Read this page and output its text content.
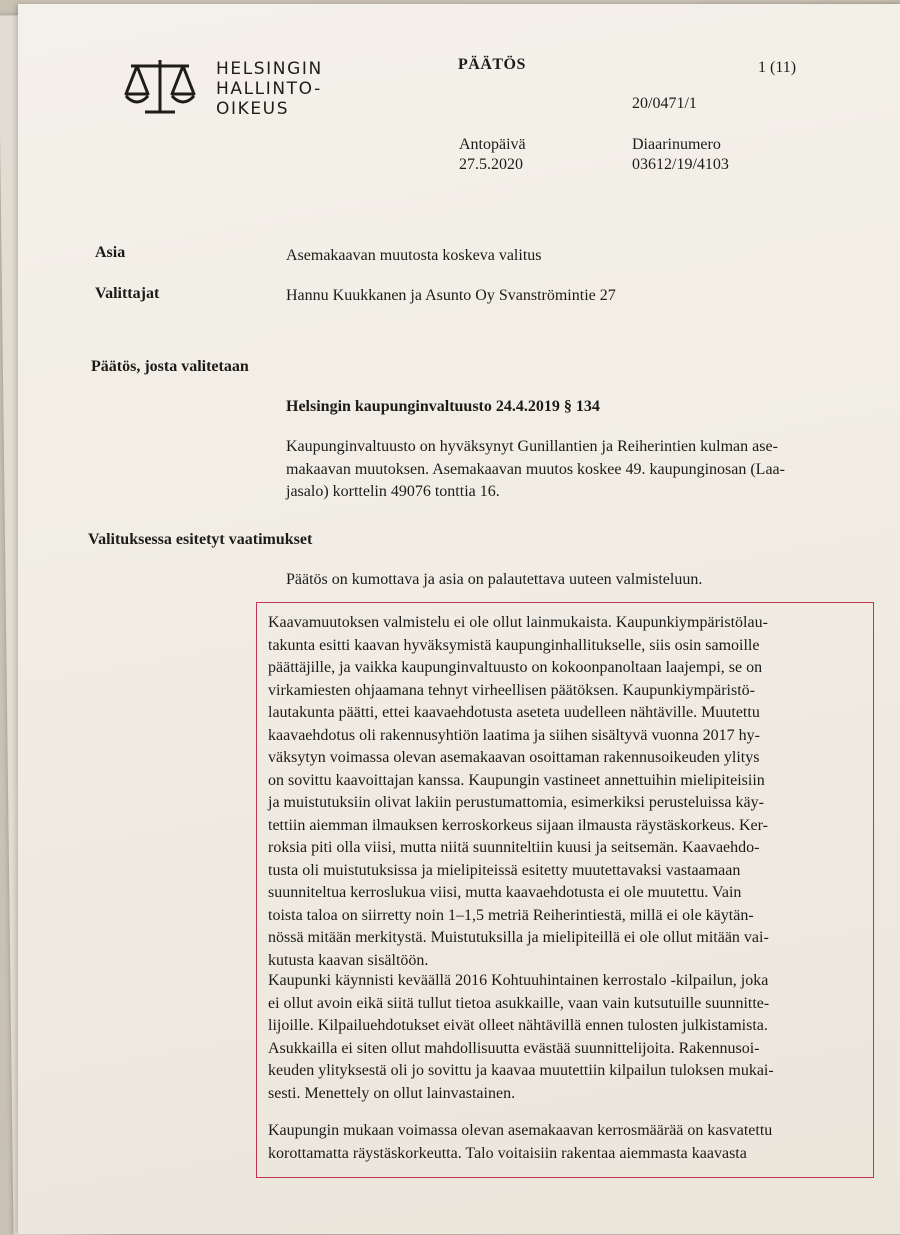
HELSINGIN
HALLINTO-
OIKEUS
PÄÄTÖS	1 (11)
20/0471/1
Antopäivä
27.5.2020
Diaarinumero
03612/19/4103
Asia	Asemakaavan muutosta koskeva valitus
Valittajat	Hannu Kuukkanen ja Asunto Oy Svanströmintie 27
Päätös, josta valitetaan
Helsingin kaupunginvaltuusto 24.4.2019 § 134
Kaupunginvaltuusto on hyväksynyt Gunillantien ja Reiherintien kulman ase-
makaavan muutoksen. Asemakaavan muutos koskee 49. kaupunginosan (Laa-
jasalo) korttelin 49076 tonttia 16.
Valituksessa esitetyt vaatimukset
Päätös on kumottava ja asia on palautettava uuteen valmisteluun.
Kaavamuutoksen valmistelu ei ole ollut lainmukaista. Kaupunkiympäristölau-
takunta esitti kaavan hyväksymistä kaupunginhallitukselle, siis osin samoille
päättäjille, ja vaikka kaupunginvaltuusto on kokoonpanoltaan laajempi, se on
virkamiesten ohjaamana tehnyt virheellisen päätöksen. Kaupunkiympäristö-
lautakunta päätti, ettei kaavaehdotusta aseteta uudelleen nähtäville. Muutettu
kaavaehdotus oli rakennusyhtiön laatima ja siihen sisältyvä vuonna 2017 hy-
väksytyn voimassa olevan asemakaavan osoittaman rakennusoikeuden ylitys
on sovittu kaavoittajan kanssa. Kaupungin vastineet annettuihin mielipiteisiin
ja muistutuksiin olivat lakiin perustumattomia, esimerkiksi perusteluissa käy-
tettiin aiemman ilmauksen kerroskorkeus sijaan ilmausta räystäskorkeus. Ker-
roksia piti olla viisi, mutta niitä suunniteltiin kuusi ja seitsemän. Kaavaehdo-
tusta oli muistutuksissa ja mielipiteissä esitetty muutettavaksi vastaamaan
suunniteltua kerroslukua viisi, mutta kaavaehdotusta ei ole muutettu. Vain
toista taloa on siirretty noin 1–1,5 metriä Reiherintiestä, millä ei ole käytän-
nössä mitään merkitystä. Muistutuksilla ja mielipiteillä ei ole ollut mitään vai-
kutusta kaavan sisältöön.
Kaupunki käynnisti keväällä 2016 Kohtuuhintainen kerrostalo -kilpailun, joka
ei ollut avoin eikä siitä tullut tietoa asukkaille, vaan vain kutsutuille suunnitte-
lijoille. Kilpailuehdotukset eivät olleet nähtävillä ennen tulosten julkistamista.
Asukkailla ei siten ollut mahdollisuutta evästää suunnittelijoita. Rakennusoi-
keuden ylityksestä oli jo sovittu ja kaavaa muutettiin kilpailun tuloksen mukai-
sesti. Menettely on ollut lainvastainen.
Kaupungin mukaan voimassa olevan asemakaavan kerrosmäärää on kasvatettu
korottamatta räystäskorkeutta. Talo voitaisiin rakentaa aiemmasta kaavasta
